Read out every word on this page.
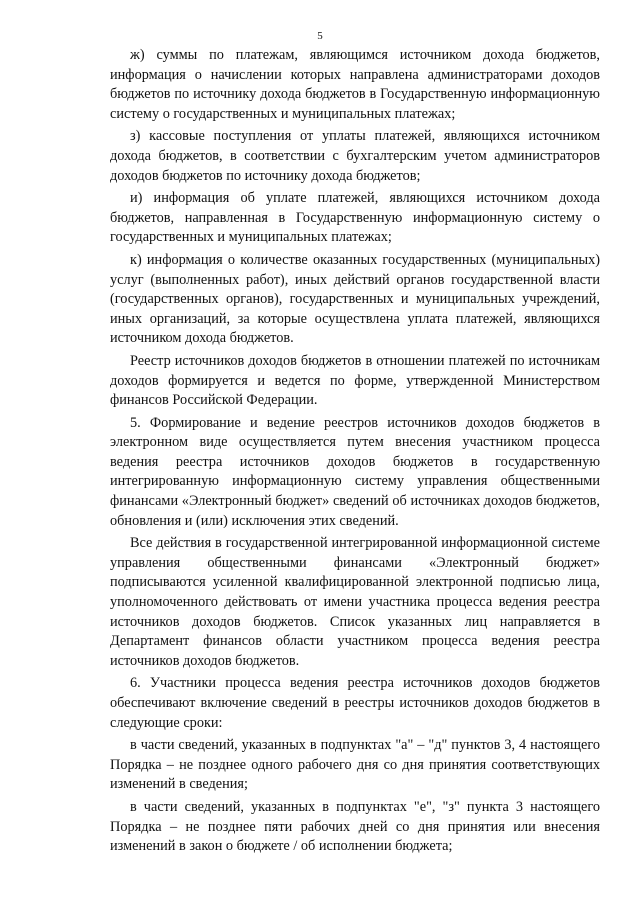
5

ж) суммы по платежам, являющимся источником дохода бюджетов, информация о начислении которых направлена администраторами доходов бюджетов по источнику дохода бюджетов в Государственную информационную систему о государственных и муниципальных платежах;

з) кассовые поступления от уплаты платежей, являющихся источником дохода бюджетов, в соответствии с бухгалтерским учетом администраторов доходов бюджетов по источнику дохода бюджетов;

и) информация об уплате платежей, являющихся источником дохода бюджетов, направленная в Государственную информационную систему о государственных и муниципальных платежах;

к) информация о количестве оказанных государственных (муниципальных) услуг (выполненных работ), иных действий органов государственной власти (государственных органов), государственных и муниципальных учреждений, иных организаций, за которые осуществлена уплата платежей, являющихся источником дохода бюджетов.

Реестр источников доходов бюджетов в отношении платежей по источникам доходов формируется и ведется по форме, утвержденной Министерством финансов Российской Федерации.

5. Формирование и ведение реестров источников доходов бюджетов в электронном виде осуществляется путем внесения участником процесса ведения реестра источников доходов бюджетов в государственную интегрированную информационную систему управления общественными финансами «Электронный бюджет» сведений об источниках доходов бюджетов, обновления и (или) исключения этих сведений.

Все действия в государственной интегрированной информационной системе управления общественными финансами «Электронный бюджет» подписываются усиленной квалифицированной электронной подписью лица, уполномоченного действовать от имени участника процесса ведения реестра источников доходов бюджетов. Список указанных лиц направляется в Департамент финансов области участником процесса ведения реестра источников доходов бюджетов.

6. Участники процесса ведения реестра источников доходов бюджетов обеспечивают включение сведений в реестры источников доходов бюджетов в следующие сроки:

в части сведений, указанных в подпунктах "а" – "д" пунктов 3, 4 настоящего Порядка – не позднее одного рабочего дня со дня принятия соответствующих изменений в сведения;

в части сведений, указанных в подпунктах "е", "з" пункта 3 настоящего Порядка – не позднее пяти рабочих дней со дня принятия или внесения изменений в закон о бюджете / об исполнении бюджета;
